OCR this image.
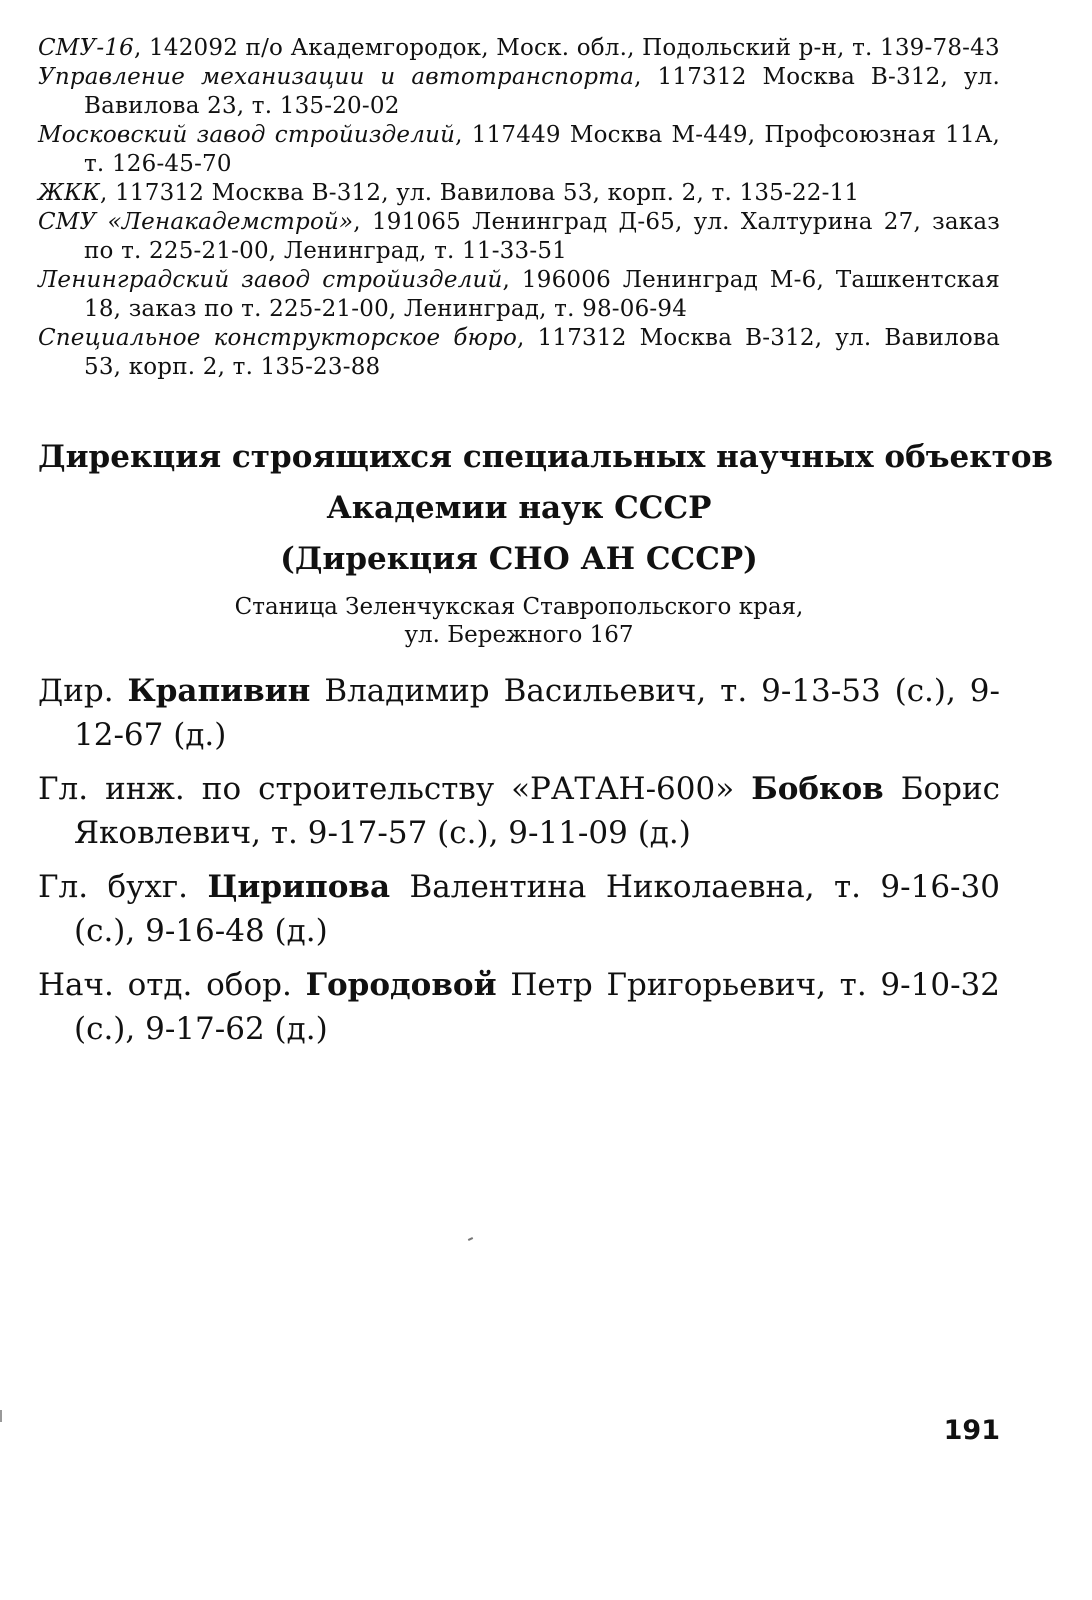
СМУ-16, 142092 п/о Академгородок, Моск. обл., Подольский р-н, т. 139-78-43

Управление механизации и автотранспорта, 117312 Москва В-312, ул. Вавилова 23, т. 135-20-02

Московский завод стройизделий, 117449 Москва М-449, Профсоюзная 11А, т. 126-45-70

ЖКК, 117312 Москва В-312, ул. Вавилова 53, корп. 2, т. 135-22-11

СМУ «Ленакадемстрой», 191065 Ленинград Д-65, ул. Халтурина 27, заказ по т. 225-21-00, Ленинград, т. 11-33-51

Ленинградский завод стройизделий, 196006 Ленинград М-6, Ташкентская 18, заказ по т. 225-21-00, Ленинград, т. 98-06-94

Специальное конструкторское бюро, 117312 Москва В-312, ул. Вавилова 53, корп. 2, т. 135-23-88

Дирекция строящихся специальных научных объектов
Академии наук СССР
(Дирекция СНО АН СССР)

Станица Зеленчукская Ставропольского края,
ул. Бережного 167

Дир. Крапивин Владимир Васильевич, т. 9-13-53 (с.), 9-12-67 (д.)

Гл. инж. по строительству «РАТАН-600» Бобков Борис Яковлевич, т. 9-17-57 (с.), 9-11-09 (д.)

Гл. бухг. Цирипова Валентина Николаевна, т. 9-16-30 (с.), 9-16-48 (д.)

Нач. отд. обор. Городовой Петр Григорьевич, т. 9-10-32 (с.), 9-17-62 (д.)

191
